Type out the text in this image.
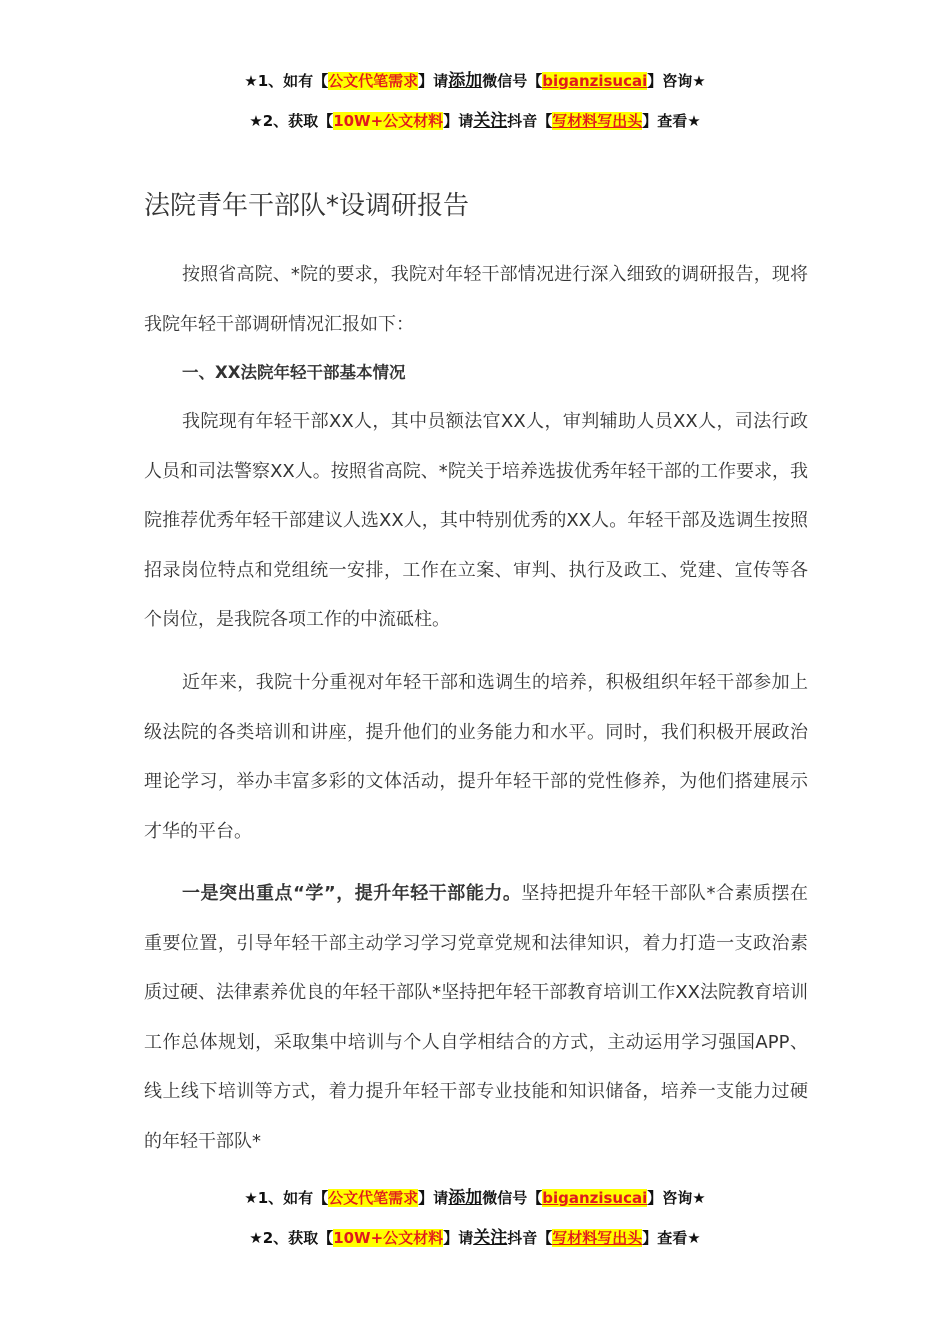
★1、如有【公文代笔需求】请添加微信号【biganzisucai】咨询★
★2、获取【10W+公文材料】请关注抖音【写材料写出头】查看★
法院青年干部队*设调研报告

按照省高院、*院的要求，我院对年轻干部情况进行深入细致的调研报告，现将我院年轻干部调研情况汇报如下：

一、XX法院年轻干部基本情况

我院现有年轻干部XX人，其中员额法官XX人，审判辅助人员XX人，司法行政人员和司法警察XX人。按照省高院、*院关于培养选拔优秀年轻干部的工作要求，我院推荐优秀年轻干部建议人选XX人，其中特别优秀的XX人。年轻干部及选调生按照招录岗位特点和党组统一安排，工作在立案、审判、执行及政工、党建、宣传等各个岗位，是我院各项工作的中流砥柱。

近年来，我院十分重视对年轻干部和选调生的培养，积极组织年轻干部参加上级法院的各类培训和讲座，提升他们的业务能力和水平。同时，我们积极开展政治理论学习，举办丰富多彩的文体活动，提升年轻干部的党性修养，为他们搭建展示才华的平台。

一是突出重点“学”，提升年轻干部能力。坚持把提升年轻干部队*合素质摆在重要位置，引导年轻干部主动学习学习党章党规和法律知识，着力打造一支政治素质过硬、法律素养优良的年轻干部队*坚持把年轻干部教育培训工作XX法院教育培训工作总体规划，采取集中培训与个人自学相结合的方式，主动运用学习强国APP、线上线下培训等方式，着力提升年轻干部专业技能和知识储备，培养一支能力过硬的年轻干部队*

★1、如有【公文代笔需求】请添加微信号【biganzisucai】咨询★
★2、获取【10W+公文材料】请关注抖音【写材料写出头】查看★
